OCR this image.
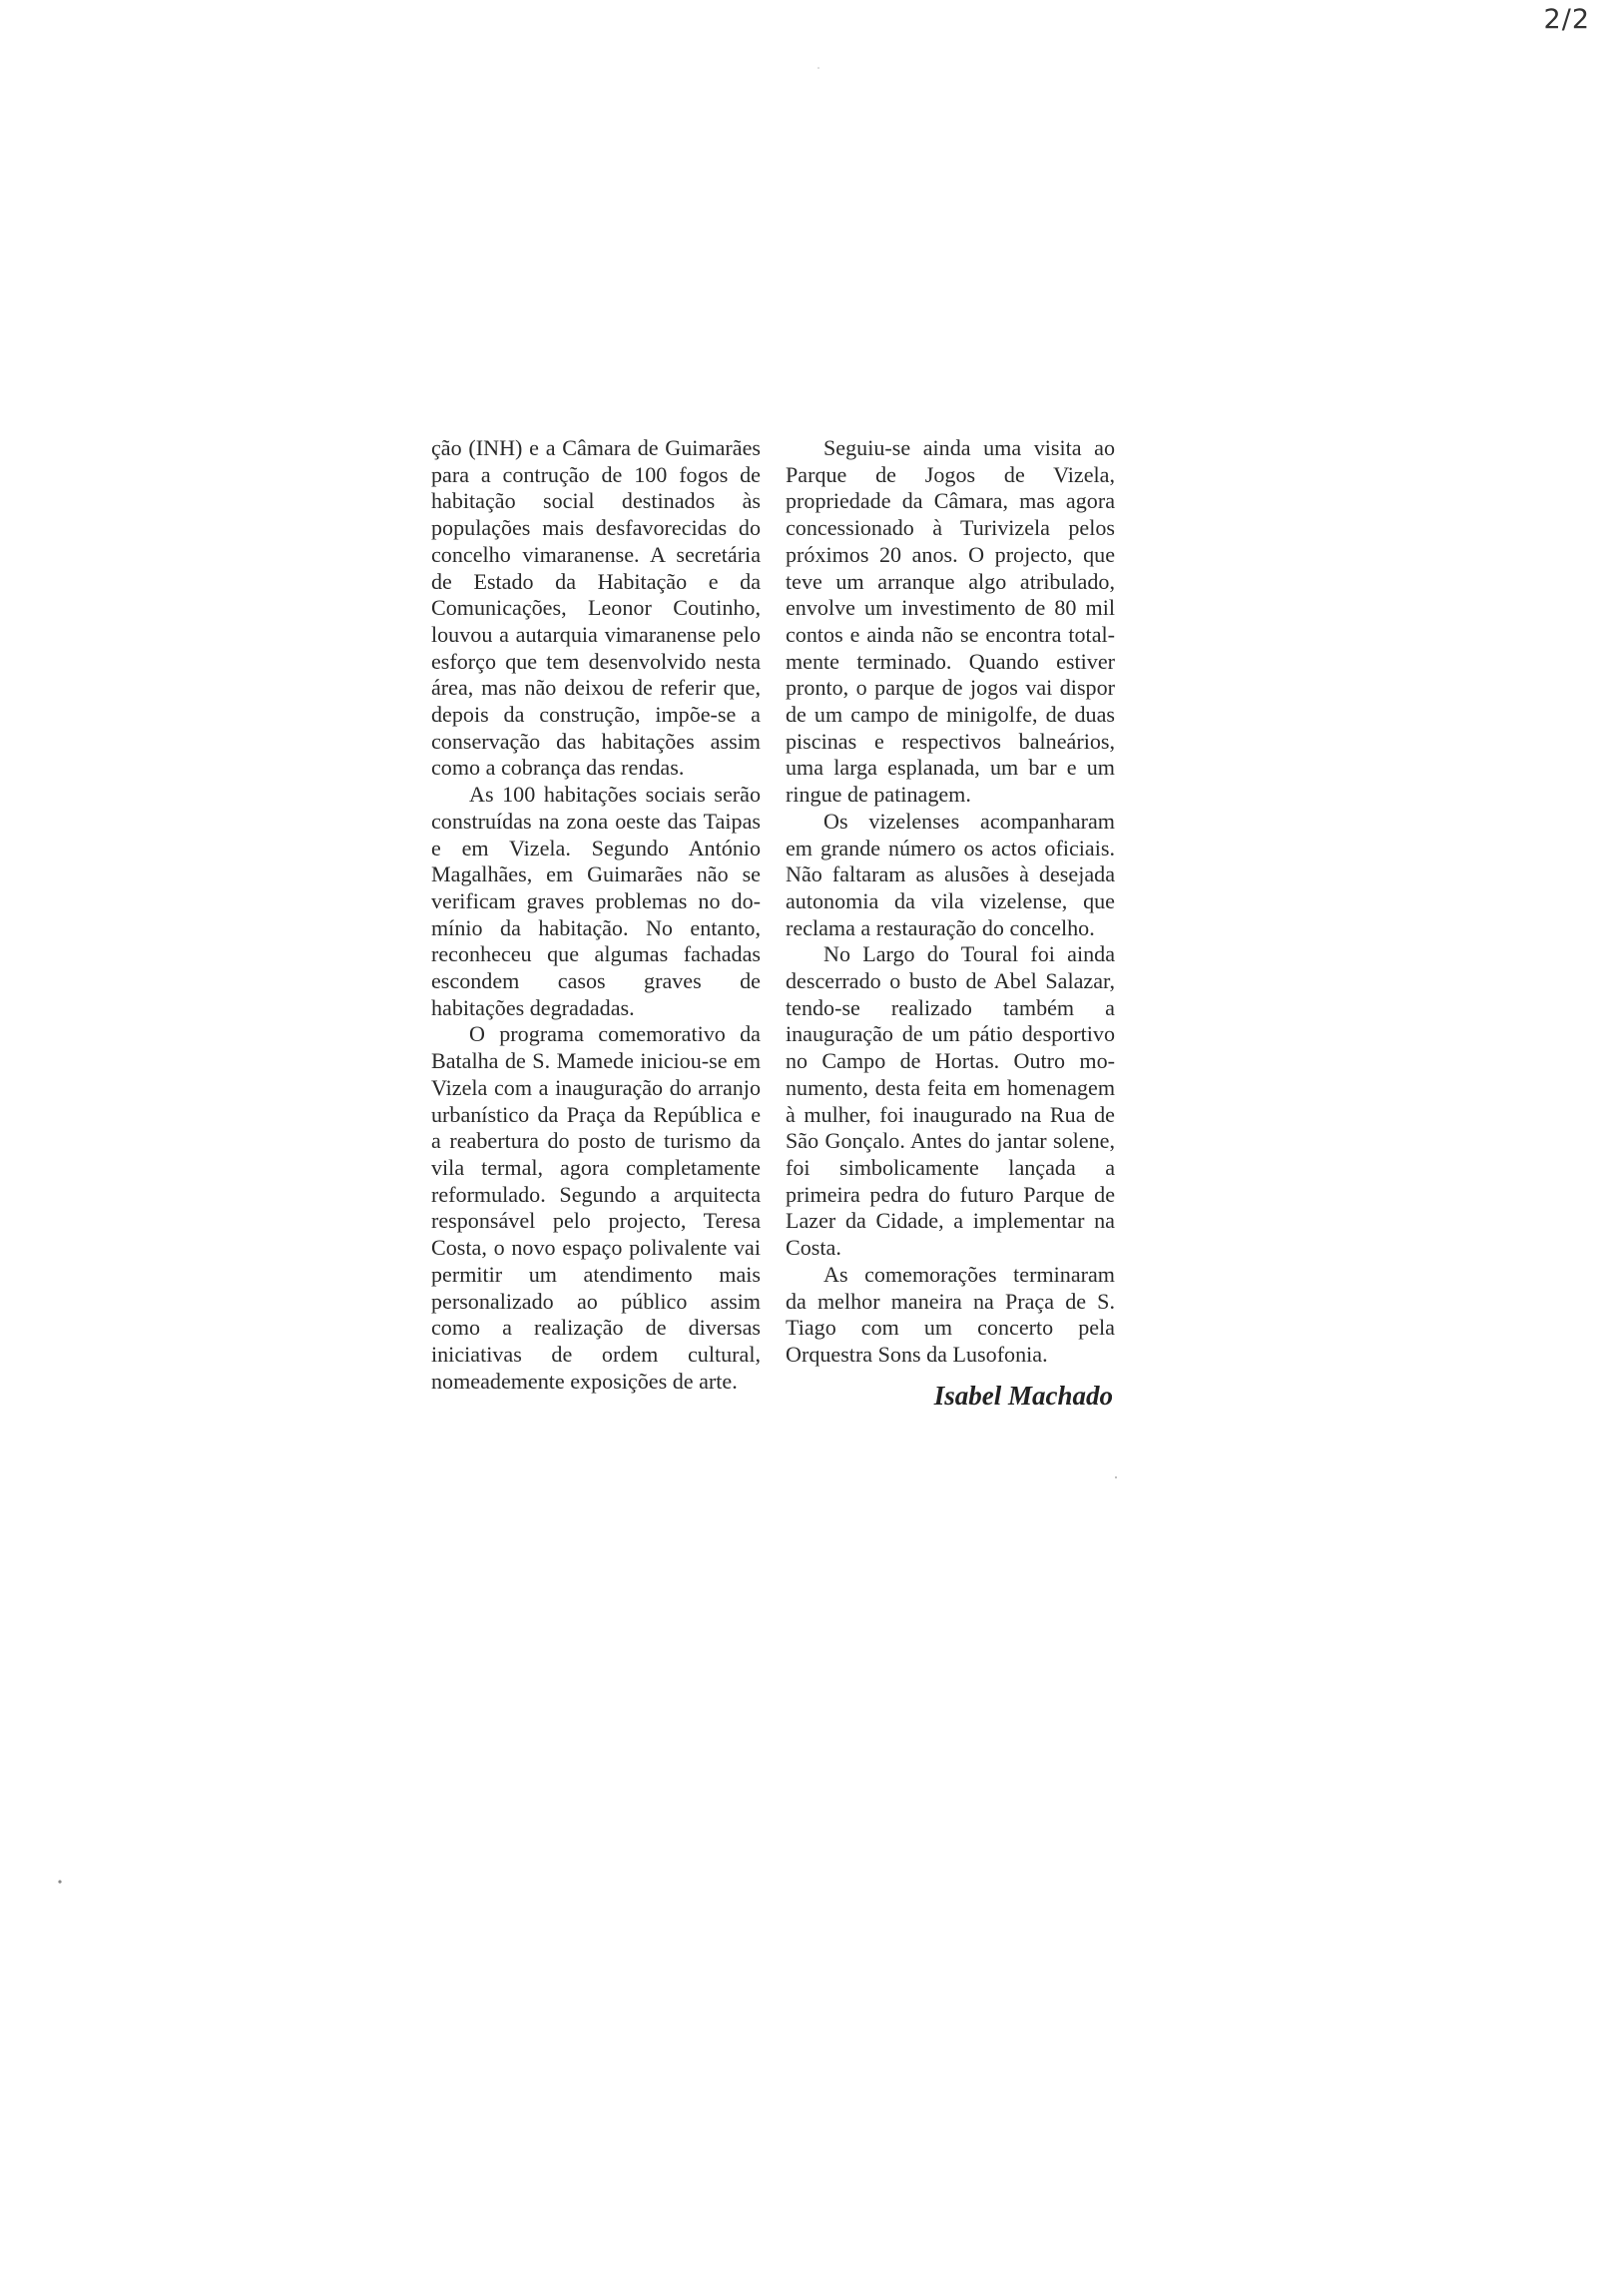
2/2

ção (INH) e a Câmara de Guimarães para a contrução de 100 fogos de habitação social destinados às populações mais desfavorecidas do concelho vimaranense. A secretária de Estado da Habitação e da Comunicações, Leonor Coutinho, louvou a autarquia vimaranense pelo esforço que tem desenvolvido nesta área, mas não deixou de referir que, depois da construção, impõe-se a conservação das habitações assim como a cobrança das rendas.

As 100 habitações sociais serão construídas na zona oeste das Taipas e em Vizela. Segundo António Magalhães, em Guimarães não se verificam graves problemas no domínio da habitação. No entanto, reconheceu que algumas fachadas escondem casos graves de habitações degradadas.

O programa comemorativo da Batalha de S. Mamede iniciou-se em Vizela com a inauguração do arranjo urbanístico da Praça da República e a reabertura do posto de turismo da vila termal, agora completamente reformulado. Segundo a arquitecta responsável pelo projecto, Teresa Costa, o novo espaço polivalente vai permitir um atendimento mais personalizado ao público assim como a realização de diversas iniciativas de ordem cultural, nomeademente exposições de arte.

Seguiu-se ainda uma visita ao Parque de Jogos de Vizela, propriedade da Câmara, mas agora concessionado à Turivizela pelos próximos 20 anos. O projecto, que teve um arranque algo atribulado, envolve um investimento de 80 mil contos e ainda não se encontra totalmente terminado. Quando estiver pronto, o parque de jogos vai dispor de um campo de minigolfe, de duas piscinas e respectivos balneários, uma larga esplanada, um bar e um ringue de patinagem.

Os vizelenses acompanharam em grande número os actos oficiais. Não faltaram as alusões à desejada autonomia da vila vizelense, que reclama a restauração do concelho.

No Largo do Toural foi ainda descerrado o busto de Abel Salazar, tendo-se realizado também a inauguração de um pátio desportivo no Campo de Hortas. Outro monumento, desta feita em homenagem à mulher, foi inaugurado na Rua de São Gonçalo. Antes do jantar solene, foi simbolicamente lançada a primeira pedra do futuro Parque de Lazer da Cidade, a implementar na Costa.

As comemorações terminaram da melhor maneira na Praça de S. Tiago com um concerto pela Orquestra Sons da Lusofonia.

Isabel Machado
